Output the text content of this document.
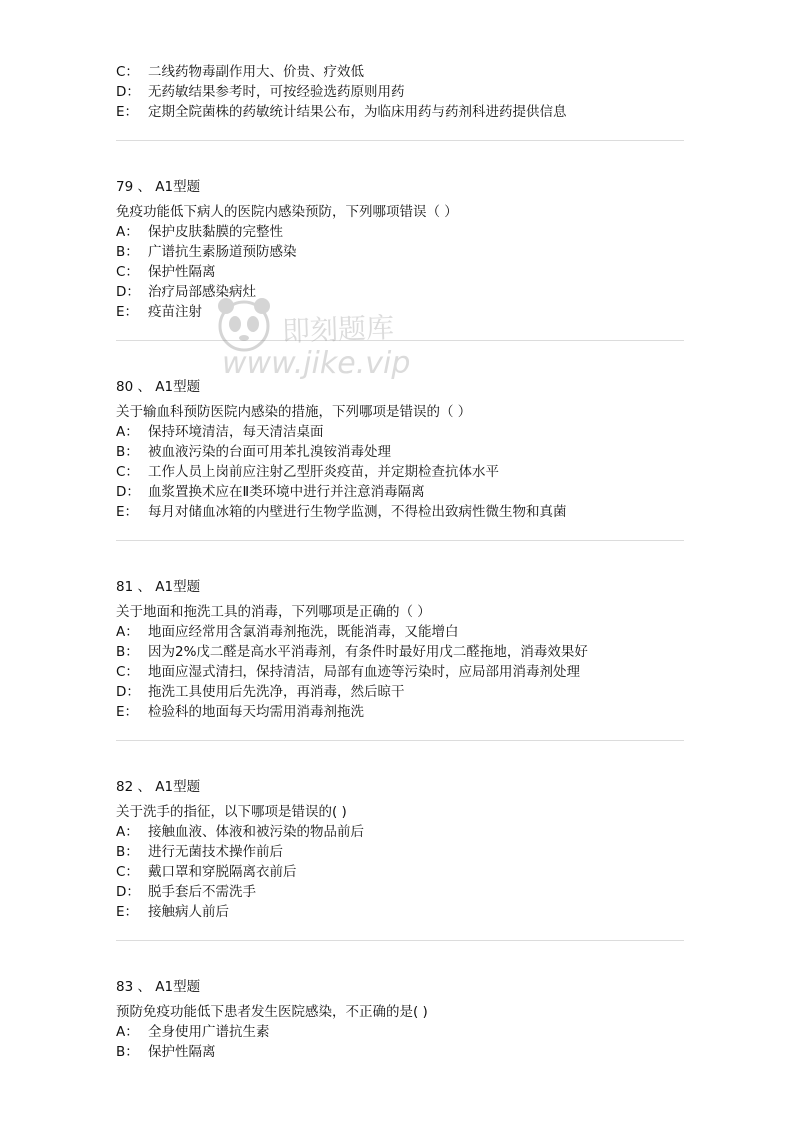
C： 二线药物毒副作用大、价贵、疗效低
D： 无药敏结果参考时，可按经验选药原则用药
E： 定期全院菌株的药敏统计结果公布，为临床用药与药剂科进药提供信息
79 、 A1型题
免疫功能低下病人的医院内感染预防，下列哪项错误（ ）
A： 保护皮肤黏膜的完整性
B： 广谱抗生素肠道预防感染
C： 保护性隔离
D： 治疗局部感染病灶
E： 疫苗注射
80 、 A1型题
关于输血科预防医院内感染的措施，下列哪项是错误的（ ）
A： 保持环境清洁，每天清洁桌面
B： 被血液污染的台面可用苯扎溴铵消毒处理
C： 工作人员上岗前应注射乙型肝炎疫苗，并定期检查抗体水平
D： 血浆置换术应在Ⅱ类环境中进行并注意消毒隔离
E： 每月对储血冰箱的内壁进行生物学监测，不得检出致病性微生物和真菌
81 、 A1型题
关于地面和拖洗工具的消毒，下列哪项是正确的（ ）
A： 地面应经常用含氯消毒剂拖洗，既能消毒，又能增白
B： 因为2%戊二醛是高水平消毒剂，有条件时最好用戊二醛拖地，消毒效果好
C： 地面应湿式清扫，保持清洁，局部有血迹等污染时，应局部用消毒剂处理
D： 拖洗工具使用后先洗净，再消毒，然后晾干
E： 检验科的地面每天均需用消毒剂拖洗
82 、 A1型题
关于洗手的指征，以下哪项是错误的( )
A： 接触血液、体液和被污染的物品前后
B： 进行无菌技术操作前后
C： 戴口罩和穿脱隔离衣前后
D： 脱手套后不需洗手
E： 接触病人前后
83 、 A1型题
预防免疫功能低下患者发生医院感染，不正确的是( )
A： 全身使用广谱抗生素
B： 保护性隔离
即刻题库
www.jike.vip
